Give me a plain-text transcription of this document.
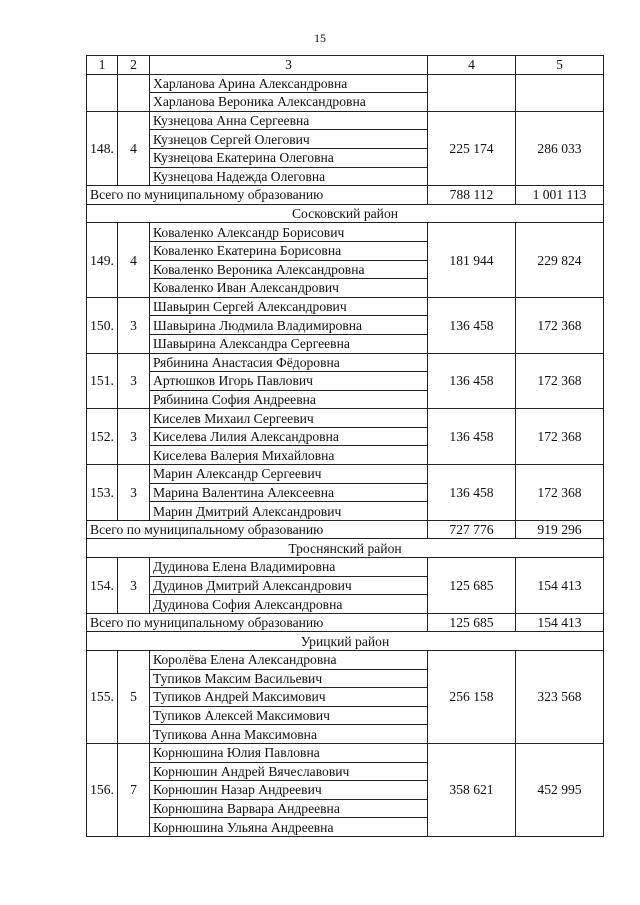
15
1	2	3	4	5
		Харланова Арина Александровна		
		Харланова Вероника Александровна		
148.	4	Кузнецова Анна Сергеевна	225 174	286 033
		Кузнецов Сергей Олегович		
		Кузнецова Екатерина Олеговна		
		Кузнецова Надежда Олеговна		
Всего по муниципальному образованию			788 112	1 001 113
Сосковский район				
149.	4	Коваленко Александр Борисович	181 944	229 824
		Коваленко Екатерина Борисовна		
		Коваленко Вероника Александровна		
		Коваленко Иван Александрович		
150.	3	Шавырин Сергей Александрович	136 458	172 368
		Шавырина Людмила Владимировна		
		Шавырина Александра Сергеевна		
151.	3	Рябинина Анастасия Фёдоровна	136 458	172 368
		Артюшков Игорь Павлович		
		Рябинина София Андреевна		
152.	3	Киселев Михаил Сергеевич	136 458	172 368
		Киселева Лилия Александровна		
		Киселева Валерия Михайловна		
153.	3	Марин Александр Сергеевич	136 458	172 368
		Марина Валентина Алексеевна		
		Марин Дмитрий Александрович		
Всего по муниципальному образованию			727 776	919 296
Троснянский район				
154.	3	Дудинова Елена Владимировна	125 685	154 413
		Дудинов Дмитрий Александрович		
		Дудинова София Александровна		
Всего по муниципальному образованию			125 685	154 413
Урицкий район				
155.	5	Королёва Елена Александровна	256 158	323 568
		Тупиков Максим Васильевич		
		Тупиков Андрей Максимович		
		Тупиков Алексей Максимович		
		Тупикова Анна Максимовна		
156.	7	Корнюшина Юлия Павловна	358 621	452 995
		Корнюшин Андрей Вячеславович		
		Корнюшин Назар Андреевич		
		Корнюшина Варвара Андреевна		
		Корнюшина Ульяна Андреевна		
